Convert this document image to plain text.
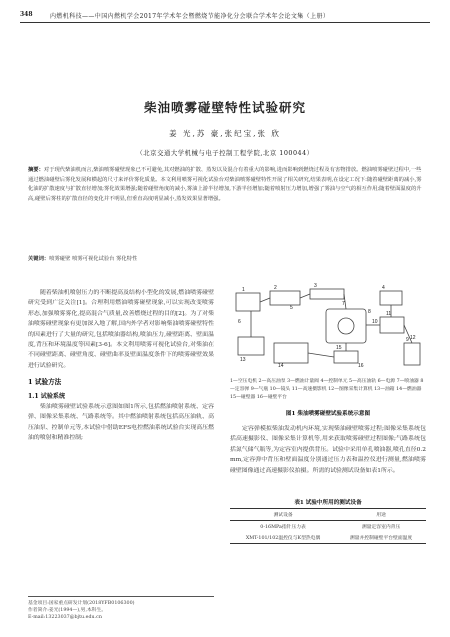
348	内燃机科技——中国内燃机学会2017年学术年会暨燃烧节能净化分会联合学术年会论文集（上册）
柴油喷雾碰壁特性试验研究
姜 光,苏 豪,张纪宝,张 欣
（北京交通大学机械与电子控制工程学院,北京 100044）
摘要：对于现代柴油机而言,柴油喷雾碰壁现象已不可避免,其对燃油的扩散、蒸发以及混合有着重大的影响,进而影响到燃烧过程及有害物排放。燃油喷雾碰壁过程中,一些通过燃油碰壁后雾化发展和横起的尺寸来评价雾化质量。本文利用喷雾可视化试验台对柴油喷雾碰壁特性开展了相关研究,结果表明,在设定工况下:随着碰壁距离的减小,雾化油的扩散速度与扩散直径增加;雾化效果增强;随着碰壁角度的减小,雾油上游半径增加,下游半径增加;随着喷射压力增加,增强了雾油与空气的相互作用;随着壁面温度的升高,碰壁后雾柱的扩散直径的变化并不明显,但垂直高度明显减小,蒸发效果显著增强。
关键词：喷雾碰壁 喷雾可视化试验台 雾化特性
随着柴油机喷射压力的不断提高及结构小型化的发展,燃油喷雾碰壁研究受到广泛关注[1]。合理利用燃油喷雾碰壁现象,可以实现改变喷雾形态,加强喷雾雾化,提高混合气质量,改善燃烧过程的目的[2]。为了对柴油喷雾碰壁现象有更加深入地了解,国内外学者对影响柴油喷雾碰壁特性的因素进行了大量的研究,包括喷油器结构,喷油压力,碰壁距离、壁面温度,背压和环境温度等因素[3-6]。本文利用喷雾可视化试验台,对柴油在不同碰壁距离、碰壁角度、碰壁曲率及壁面温度条件下的喷雾碰壁效果进行试验研究。
1 试验方法
1.1 试验系统
柴油喷雾碰壁试验系统示意图如图1所示,包括燃油喷射系统、定容弹、图像采集系统、气路系统等。其中燃油喷射系统包括高压油轨、高压油泵、控制单元等,本试验中借助EFS电控燃油系统试验台实现高压燃油的喷射和精准控制;
基金项目:国家重点研发计划(2018YFB0106300)
作者简介:姜光(1994—),男,本科生。
E-mail:13223037@bjtu.edu.cn
1	2	3	4
5
6
7
8
9
10
11
12
13
14
15
16
1—空压电机 2—高压油泵 3—燃油计量阀 4—控制单元 5—高压油轨 6—电源 7—喷油器 8—定容弹 9—气瓶 10—镜头 11—高速摄影机 12—图像采集计算机 13—油箱 14—燃油器 15—碰壁器 16—碰壁平台
图1 柴油喷雾碰壁试验系统示意图
定容弹模拟柴油发动机内环境,实现柴油碰壁喷雾过程;图像采集系统包括高速摄影仪、图像采集计算机等,用来获取喷雾碰壁过程图像;气路系统包括氮气储气瓶等,为定容室内提供背压。试验中采用单孔喷油器,喷孔直径0.2mm,定容弹中背压和壁面温度分别通过压力表和温控仪进行测量,燃油喷雾碰壁图像通过高速摄影仪拍摄。所需的试验测试设备如表1所示。
表1 试验中所用的测试设备
测试设备	用途
0-16MPa指针压力表	测量定容室内背压
XMT-101/102温控仪与K型热电偶	测量并控制碰壁平台壁面温度
